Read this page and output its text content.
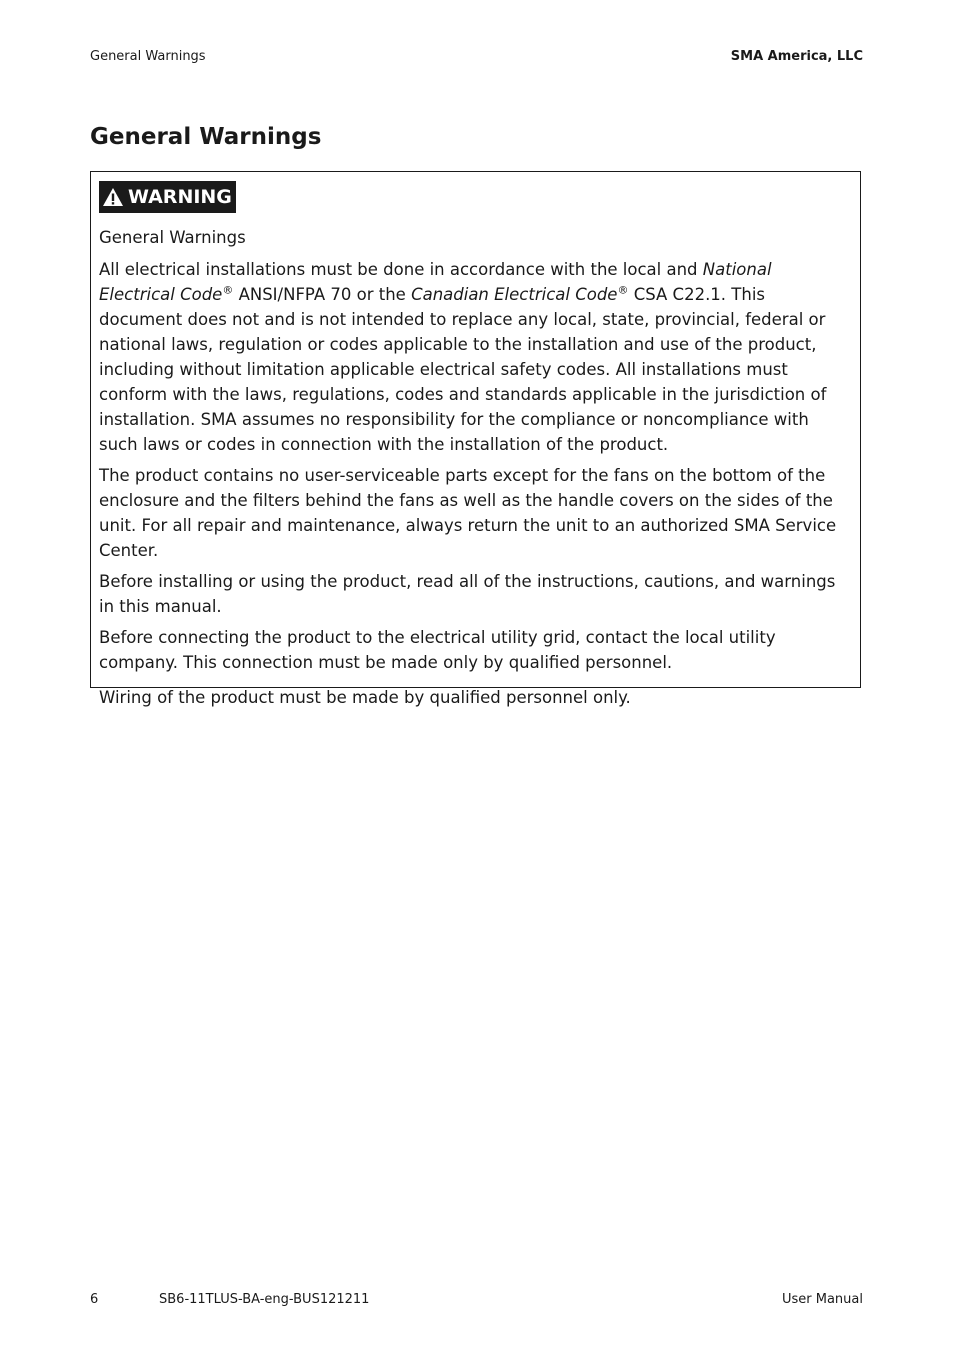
General Warnings	SMA America, LLC
General Warnings
WARNING

General Warnings

All electrical installations must be done in accordance with the local and National Electrical Code® ANSI/NFPA 70 or the Canadian Electrical Code® CSA C22.1. This document does not and is not intended to replace any local, state, provincial, federal or national laws, regulation or codes applicable to the installation and use of the product, including without limitation applicable electrical safety codes. All installations must conform with the laws, regulations, codes and standards applicable in the jurisdiction of installation. SMA assumes no responsibility for the compliance or noncompliance with such laws or codes in connection with the installation of the product.

The product contains no user-serviceable parts except for the fans on the bottom of the enclosure and the filters behind the fans as well as the handle covers on the sides of the unit. For all repair and maintenance, always return the unit to an authorized SMA Service Center.

Before installing or using the product, read all of the instructions, cautions, and warnings in this manual.

Before connecting the product to the electrical utility grid, contact the local utility company. This connection must be made only by qualified personnel.

Wiring of the product must be made by qualified personnel only.

6	SB6-11TLUS-BA-eng-BUS121211	User Manual
